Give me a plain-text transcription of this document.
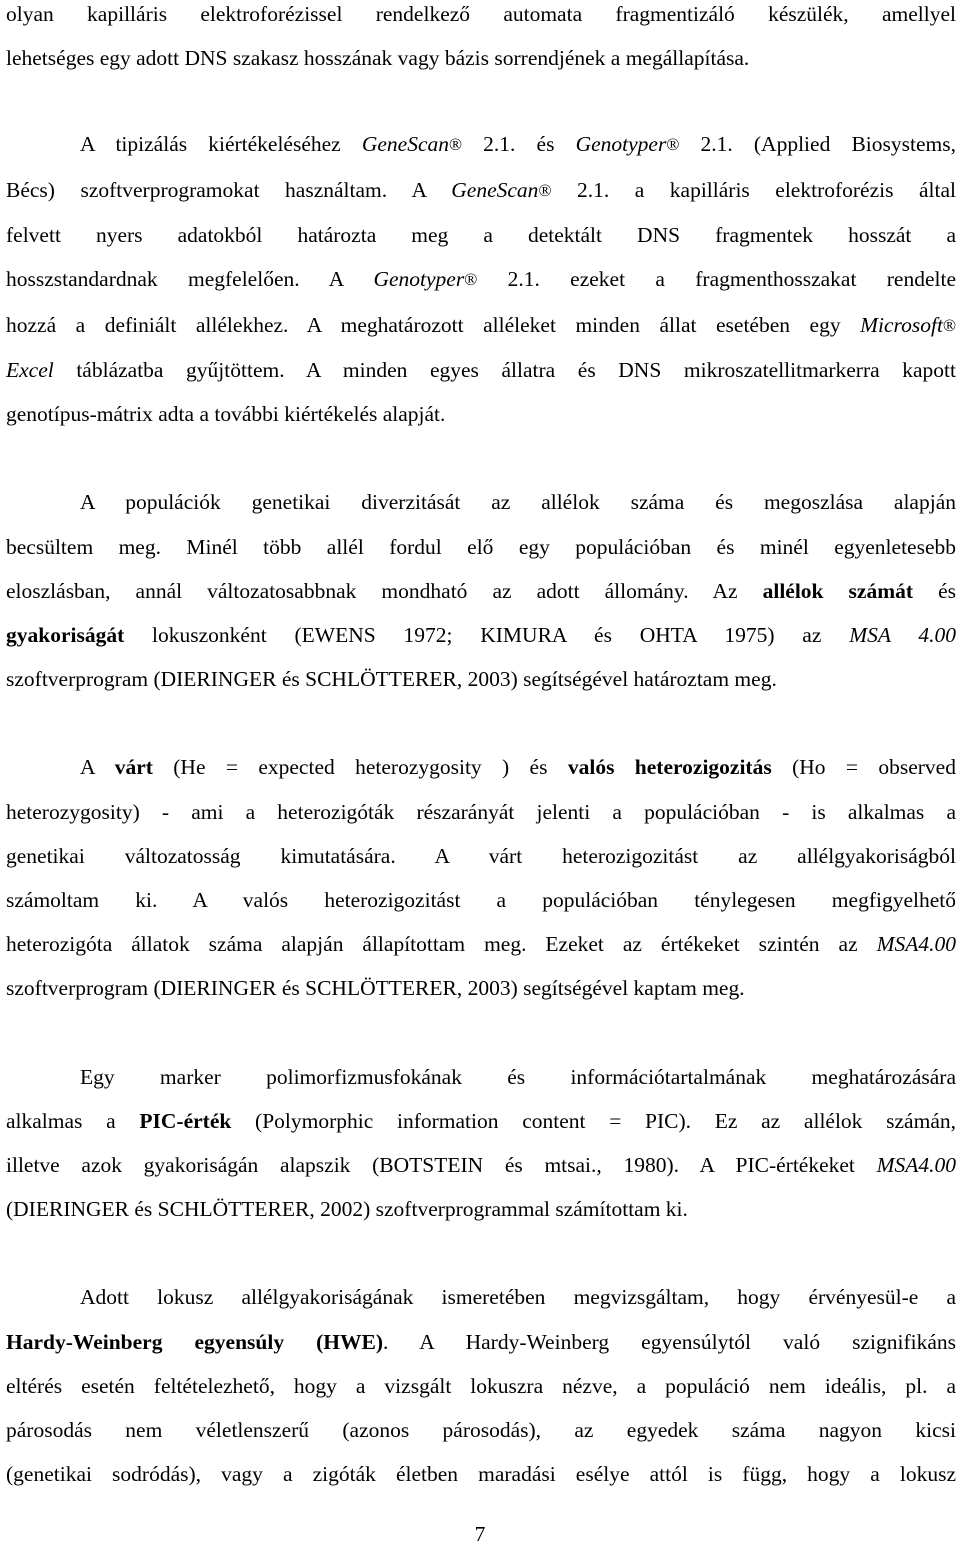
olyan kapilláris elektroforézissel rendelkező automata fragmentizáló készülék, amellyel
lehetséges egy adott DNS szakasz hosszának vagy bázis sorrendjének a megállapítása.

A tipizálás kiértékeléséhez GeneScan® 2.1. és Genotyper® 2.1. (Applied Biosystems,
Bécs) szoftverprogramokat használtam. A GeneScan® 2.1. a kapilláris elektroforézis által
felvett nyers adatokból határozta meg a detektált DNS fragmentek hosszát a
hosszstandardnak megfelelően. A Genotyper® 2.1. ezeket a fragmenthosszakat rendelte
hozzá a definiált allélekhez. A meghatározott alléleket minden állat esetében egy Microsoft®
Excel táblázatba gyűjtöttem. A minden egyes állatra és DNS mikroszatellitmarkerra kapott
genotípus-mátrix adta a további kiértékelés alapját.

A populációk genetikai diverzitását az allélok száma és megoszlása alapján
becsültem meg. Minél több allél fordul elő egy populációban és minél egyenletesebb
eloszlásban, annál változatosabbnak mondható az adott állomány. Az allélok számát és
gyakoriságát lokuszonként (EWENS 1972; KIMURA és OHTA 1975) az MSA 4.00
szoftverprogram (DIERINGER és SCHLÖTTERER, 2003) segítségével határoztam meg.

A várt (He = expected heterozygosity ) és valós heterozigozitás (Ho = observed
heterozygosity) - ami a heterozigóták részarányát jelenti a populációban - is alkalmas a
genetikai változatosság kimutatására. A várt heterozigozitást az allélgyakoriságból
számoltam ki. A valós heterozigozitást a populációban ténylegesen megfigyelhető
heterozigóta állatok száma alapján állapítottam meg. Ezeket az értékeket szintén az MSA4.00
szoftverprogram (DIERINGER és SCHLÖTTERER, 2003) segítségével kaptam meg.

Egy marker polimorfizmusfokának és információtartalmának meghatározására
alkalmas a PIC-érték (Polymorphic information content = PIC). Ez az allélok számán,
illetve azok gyakoriságán alapszik (BOTSTEIN és mtsai., 1980). A PIC-értékeket MSA4.00
(DIERINGER és SCHLÖTTERER, 2002) szoftverprogrammal számítottam ki.

Adott lokusz allélgyakoriságának ismeretében megvizsgáltam, hogy érvényesül-e a
Hardy-Weinberg egyensúly (HWE). A Hardy-Weinberg egyensúlytól való szignifikáns
eltérés esetén feltételezhető, hogy a vizsgált lokuszra nézve, a populáció nem ideális, pl. a
párosodás nem véletlenszerű (azonos párosodás), az egyedek száma nagyon kicsi
(genetikai sodródás), vagy a zigóták életben maradási esélye attól is függ, hogy a lokusz

7
